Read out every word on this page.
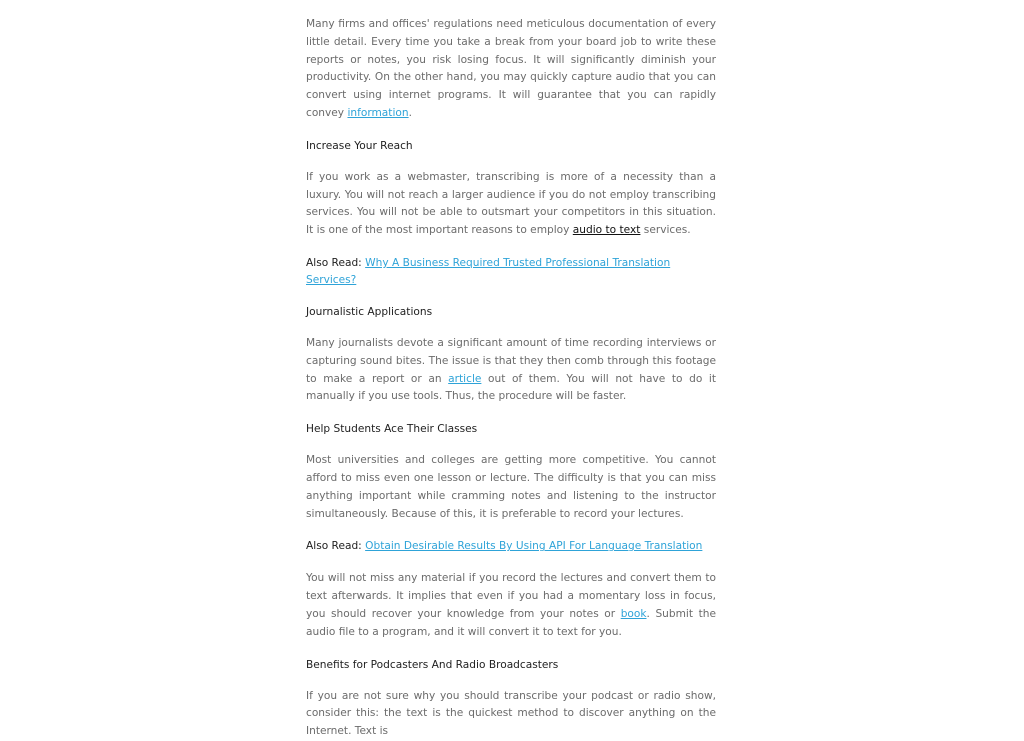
Many firms and offices' regulations need meticulous documentation of every little detail. Every time you take a break from your board job to write these reports or notes, you risk losing focus. It will significantly diminish your productivity. On the other hand, you may quickly capture audio that you can convert using internet programs. It will guarantee that you can rapidly convey information.

Increase Your Reach

If you work as a webmaster, transcribing is more of a necessity than a luxury. You will not reach a larger audience if you do not employ transcribing services. You will not be able to outsmart your competitors in this situation. It is one of the most important reasons to employ audio to text services.

Also Read: Why A Business Required Trusted Professional Translation Services?

Journalistic Applications

Many journalists devote a significant amount of time recording interviews or capturing sound bites. The issue is that they then comb through this footage to make a report or an article out of them. You will not have to do it manually if you use tools. Thus, the procedure will be faster.

Help Students Ace Their Classes

Most universities and colleges are getting more competitive. You cannot afford to miss even one lesson or lecture. The difficulty is that you can miss anything important while cramming notes and listening to the instructor simultaneously. Because of this, it is preferable to record your lectures.

Also Read: Obtain Desirable Results By Using API For Language Translation

You will not miss any material if you record the lectures and convert them to text afterwards. It implies that even if you had a momentary loss in focus, you should recover your knowledge from your notes or book. Submit the audio file to a program, and it will convert it to text for you.

Benefits for Podcasters And Radio Broadcasters

If you are not sure why you should transcribe your podcast or radio show, consider this: the text is the quickest method to discover anything on the Internet. Text is
